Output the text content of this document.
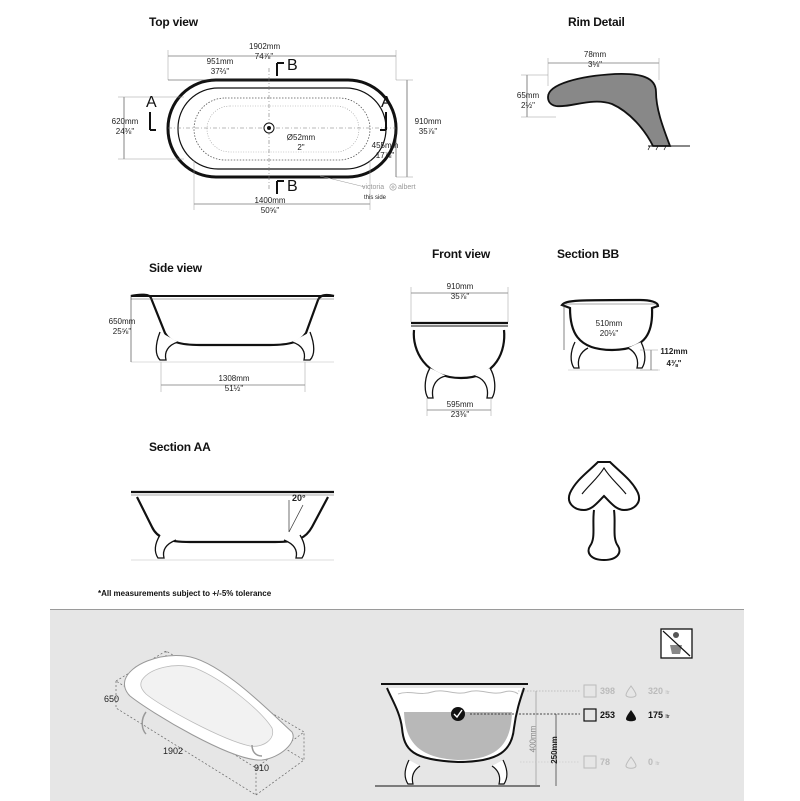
Top view	Rim Detail
Side view
Front view	Section BB
Section AA
A	A
B
B
1902mm
74⅞"
951mm
37⅔"
620mm
24⅜"
910mm
35⅞"
455mm
17⅞"
Ø52mm
2"
1400mm
50⅝"
victoria albert
this side
78mm
3⅛"
65mm
2½"
650mm
25⅝"
1308mm
51½"
910mm
35⅞"
595mm
23⅜"
510mm
20⅛"
112mm
4⅜"
20°
*All measurements subject to +/-5% tolerance
650
1902
910
400mm 250mm
398	320 ltr
253	175 ltr
78	0 ltr
